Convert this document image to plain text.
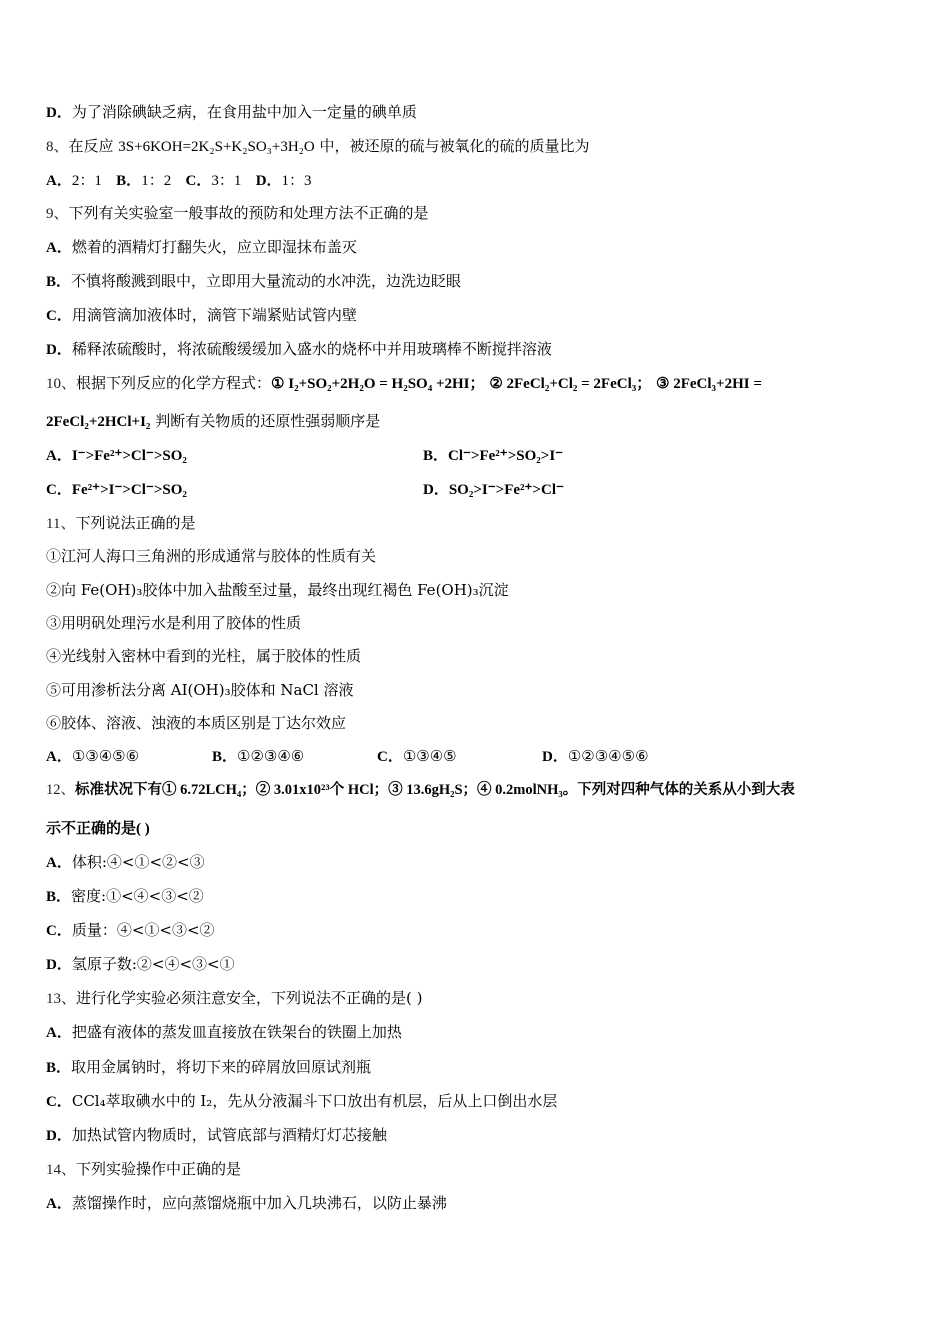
D．为了消除碘缺乏病，在食用盐中加入一定量的碘单质
8、在反应 3S+6KOH=2K₂S+K₂SO₃+3H₂O 中，被还原的硫与被氧化的硫的质量比为
A．2：1 B．1：2 C．3：1 D．1：3
9、下列有关实验室一般事故的预防和处理方法不正确的是
A．燃着的酒精灯打翻失火，应立即湿抹布盖灭
B．不慎将酸溅到眼中，立即用大量流动的水冲洗，边洗边眨眼
C．用滴管滴加液体时，滴管下端紧贴试管内壁
D．稀释浓硫酸时，将浓硫酸缓缓加入盛水的烧杯中并用玻璃棒不断搅拌溶液
10、根据下列反应的化学方程式：① I₂+SO₂+2H₂O = H₂SO₄ +2HI； ② 2FeCl₂+Cl₂ = 2FeCl₃； ③ 2FeCl₃+2HI =
2FeCl₂+2HCl+I₂ 判断有关物质的还原性强弱顺序是
A．I⁻>Fe²⁺>Cl⁻>SO₂	B．Cl⁻>Fe²⁺>SO₂>I⁻
C．Fe²⁺>I⁻>Cl⁻>SO₂	D．SO₂>I⁻>Fe²⁺>Cl⁻
11、下列说法正确的是
①江河人海口三角洲的形成通常与胶体的性质有关
②向 Fe(OH)₃胶体中加入盐酸至过量，最终出现红褐色 Fe(OH)₃沉淀
③用明矾处理污水是利用了胶体的性质
④光线射入密林中看到的光柱，属于胶体的性质
⑤可用渗析法分离 AI(OH)₃胶体和 NaCl 溶液
⑥胶体、溶液、浊液的本质区别是丁达尔效应
A．①③④⑤⑥	B．①②③④⑥	C．①③④⑤	D．①②③④⑤⑥
12、标准状况下有① 6.72LCH₄；② 3.01x10²³个 HCl；③ 13.6gH₂S；④ 0.2molNH₃。下列对四种气体的关系从小到大表
示不正确的是( )
A．体积:④<①<②<③
B．密度:①<④<③<②
C．质量：④<①<③<②
D．氢原子数:②<④<③<①
13、进行化学实验必须注意安全，下列说法不正确的是( )
A．把盛有液体的蒸发皿直接放在铁架台的铁圈上加热
B．取用金属钠时，将切下来的碎屑放回原试剂瓶
C．CCl₄萃取碘水中的 I₂，先从分液漏斗下口放出有机层，后从上口倒出水层
D．加热试管内物质时，试管底部与酒精灯灯芯接触
14、下列实验操作中正确的是
A．蒸馏操作时，应向蒸馏烧瓶中加入几块沸石，以防止暴沸
